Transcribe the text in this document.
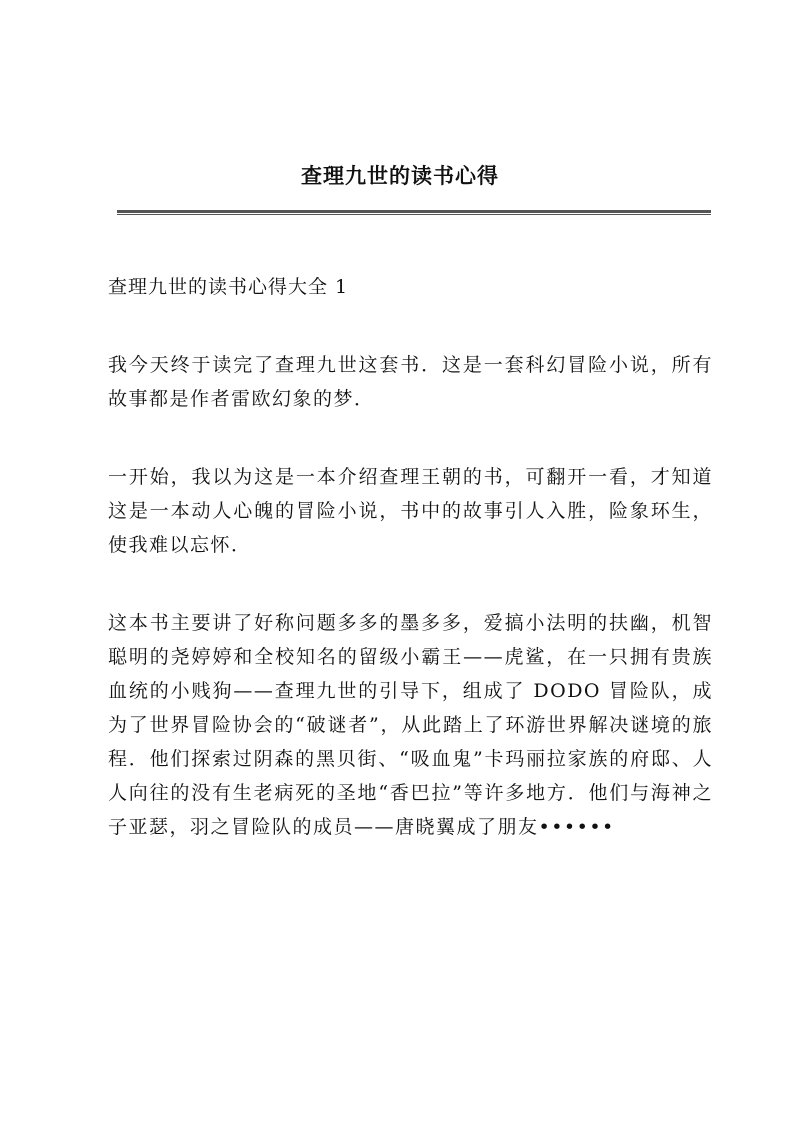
查理九世的读书心得

查理九世的读书心得大全 1

我今天终于读完了查理九世这套书．这是一套科幻冒险小说，所有故事都是作者雷欧幻象的梦．

一开始，我以为这是一本介绍查理王朝的书，可翻开一看，才知道这是一本动人心魄的冒险小说，书中的故事引人入胜，险象环生，使我难以忘怀．

这本书主要讲了好称问题多多的墨多多，爱搞小法明的扶幽，机智聪明的尧婷婷和全校知名的留级小霸王——虎鲨，在一只拥有贵族血统的小贱狗——查理九世的引导下，组成了 DODO 冒险队，成为了世界冒险协会的“破谜者”，从此踏上了环游世界解决谜境的旅程．他们探索过阴森的黑贝街、“吸血鬼”卡玛丽拉家族的府邸、人人向往的没有生老病死的圣地“香巴拉”等许多地方．他们与海神之子亚瑟，羽之冒险队的成员——唐晓翼成了朋友••••••
